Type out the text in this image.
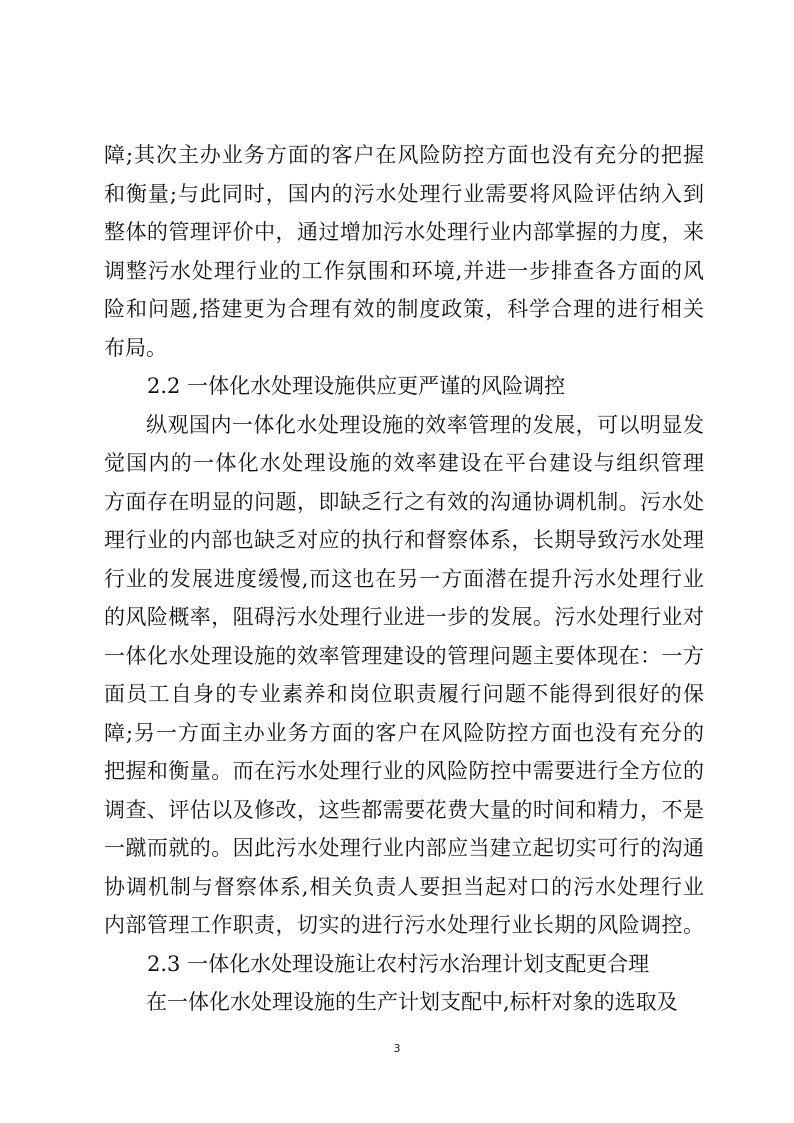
障;其次主办业务方面的客户在风险防控方面也没有充分的把握
和衡量;与此同时，国内的污水处理行业需要将风险评估纳入到
整体的管理评价中，通过增加污水处理行业内部掌握的力度，来
调整污水处理行业的工作氛围和环境,并进一步排查各方面的风
险和问题,搭建更为合理有效的制度政策，科学合理的进行相关
布局。
2.2 一体化水处理设施供应更严谨的风险调控
纵观国内一体化水处理设施的效率管理的发展，可以明显发
觉国内的一体化水处理设施的效率建设在平台建设与组织管理
方面存在明显的问题，即缺乏行之有效的沟通协调机制。污水处
理行业的内部也缺乏对应的执行和督察体系，长期导致污水处理
行业的发展进度缓慢,而这也在另一方面潜在提升污水处理行业
的风险概率，阻碍污水处理行业进一步的发展。污水处理行业对
一体化水处理设施的效率管理建设的管理问题主要体现在：一方
面员工自身的专业素养和岗位职责履行问题不能得到很好的保
障;另一方面主办业务方面的客户在风险防控方面也没有充分的
把握和衡量。而在污水处理行业的风险防控中需要进行全方位的
调查、评估以及修改，这些都需要花费大量的时间和精力，不是
一蹴而就的。因此污水处理行业内部应当建立起切实可行的沟通
协调机制与督察体系,相关负责人要担当起对口的污水处理行业
内部管理工作职责，切实的进行污水处理行业长期的风险调控。
2.3 一体化水处理设施让农村污水治理计划支配更合理
在一体化水处理设施的生产计划支配中,标杆对象的选取及
3
